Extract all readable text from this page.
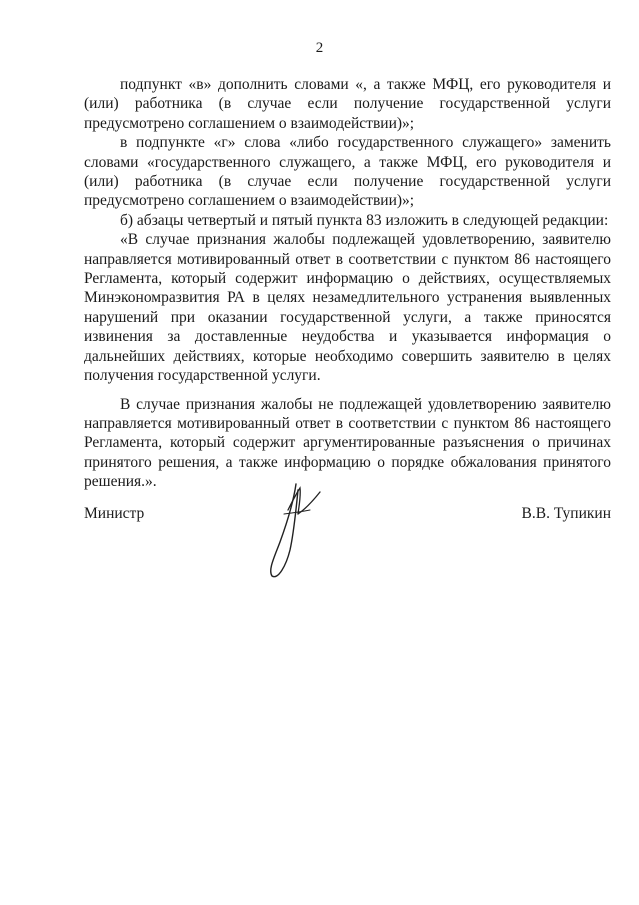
2

подпункт «в» дополнить словами «, а также МФЦ, его руководителя и (или) работника (в случае если получение государственной услуги предусмотрено соглашением о взаимодействии)»;

в подпункте «г» слова «либо государственного служащего» заменить словами «государственного служащего, а также МФЦ, его руководителя и (или) работника (в случае если получение государственной услуги предусмотрено соглашением о взаимодействии)»;

б) абзацы четвертый и пятый пункта 83 изложить в следующей редакции:

«В случае признания жалобы подлежащей удовлетворению, заявителю направляется мотивированный ответ в соответствии с пунктом 86 настоящего Регламента, который содержит информацию о действиях, осуществляемых Минэкономразвития РА в целях незамедлительного устранения выявленных нарушений при оказании государственной услуги, а также приносятся извинения за доставленные неудобства и указывается информация о дальнейших действиях, которые необходимо совершить заявителю в целях получения государственной услуги.

В случае признания жалобы не подлежащей удовлетворению заявителю направляется мотивированный ответ в соответствии с пунктом 86 настоящего Регламента, который содержит аргументированные разъяснения о причинах принятого решения, а также информацию о порядке обжалования принятого решения.».

Министр	В.В. Тупикин
